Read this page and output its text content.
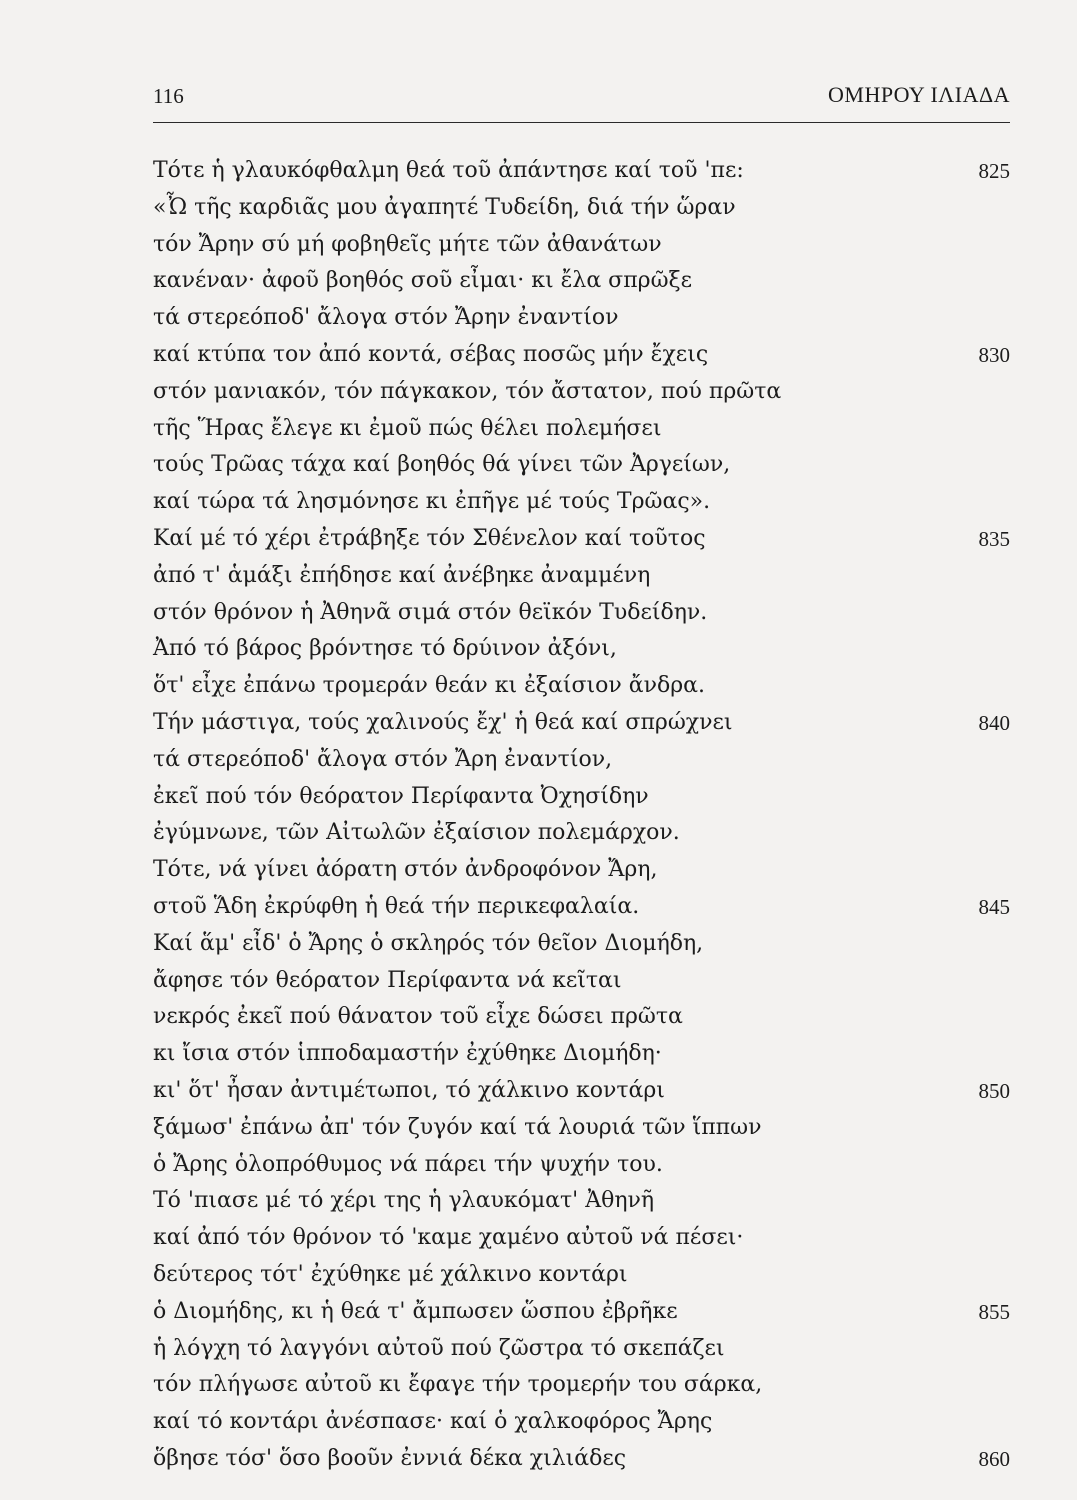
116	ΟΜΗΡΟΥ ΙΛΙΑΔΑ
Τότε ἡ γλαυκόφθαλμη θεά τοῦ ἀπάντησε καί τοῦ 'πε:	825
«Ὦ τῆς καρδιᾶς μου ἀγαπητέ Τυδείδη, διά τήν ὥραν
τόν Ἄρην σύ μή φοβηθεῖς μήτε τῶν ἀθανάτων
κανέναν· ἀφοῦ βοηθός σοῦ εἶμαι· κι ἔλα σπρῶξε
τά στερεόποδ' ἄλογα στόν Ἄρην ἐναντίον
καί κτύπα τον ἀπό κοντά, σέβας ποσῶς μήν ἔχεις	830
στόν μανιακόν, τόν πάγκακον, τόν ἄστατον, πού πρῶτα
τῆς Ἥρας ἔλεγε κι ἐμοῦ πώς θέλει πολεμήσει
τούς Τρῶας τάχα καί βοηθός θά γίνει τῶν Ἀργείων,
καί τώρα τά λησμόνησε κι ἐπῆγε μέ τούς Τρῶας».
Καί μέ τό χέρι ἐτράβηξε τόν Σθένελον καί τοῦτος	835
ἀπό τ' ἁμάξι ἐπήδησε καί ἀνέβηκε ἀναμμένη
στόν θρόνον ἡ Ἀθηνᾶ σιμά στόν θεϊκόν Τυδείδην.
Ἀπό τό βάρος βρόντησε τό δρύινον ἀξόνι,
ὅτ' εἶχε ἐπάνω τρομεράν θεάν κι ἐξαίσιον ἄνδρα.
Τήν μάστιγα, τούς χαλινούς ἔχ' ἡ θεά καί σπρώχνει	840
τά στερεόποδ' ἄλογα στόν Ἄρη ἐναντίον,
ἐκεῖ πού τόν θεόρατον Περίφαντα Ὀχησίδην
ἐγύμνωνε, τῶν Αἰτωλῶν ἐξαίσιον πολεμάρχον.
Τότε, νά γίνει ἀόρατη στόν ἀνδροφόνον Ἄρη,
στοῦ Ἅδη ἐκρύφθη ἡ θεά τήν περικεφαλαία.	845
Καί ἅμ' εἶδ' ὁ Ἄρης ὁ σκληρός τόν θεῖον Διομήδη,
ἄφησε τόν θεόρατον Περίφαντα νά κεῖται
νεκρός ἐκεῖ πού θάνατον τοῦ εἶχε δώσει πρῶτα
κι ἴσια στόν ἱπποδαμαστήν ἐχύθηκε Διομήδη·
κι' ὅτ' ἦσαν ἀντιμέτωποι, τό χάλκινο κοντάρι	850
ξάμωσ' ἐπάνω ἀπ' τόν ζυγόν καί τά λουριά τῶν ἵππων
ὁ Ἄρης ὁλοπρόθυμος νά πάρει τήν ψυχήν του.
Τό 'πιασε μέ τό χέρι της ἡ γλαυκόματ' Ἀθηνῆ
καί ἀπό τόν θρόνον τό 'καμε χαμένο αὐτοῦ νά πέσει·
δεύτερος τότ' ἐχύθηκε μέ χάλκινο κοντάρι
ὁ Διομήδης, κι ἡ θεά τ' ἄμπωσεν ὥσπου ἐβρῆκε	855
ἡ λόγχη τό λαγγόνι αὐτοῦ πού ζῶστρα τό σκεπάζει
τόν πλήγωσε αὐτοῦ κι ἔφαγε τήν τρομερήν του σάρκα,
καί τό κοντάρι ἀνέσπασε· καί ὁ χαλκοφόρος Ἄρης
ὅβησε τόσ' ὅσο βοοῦν ἐννιά δέκα χιλιάδες	860
